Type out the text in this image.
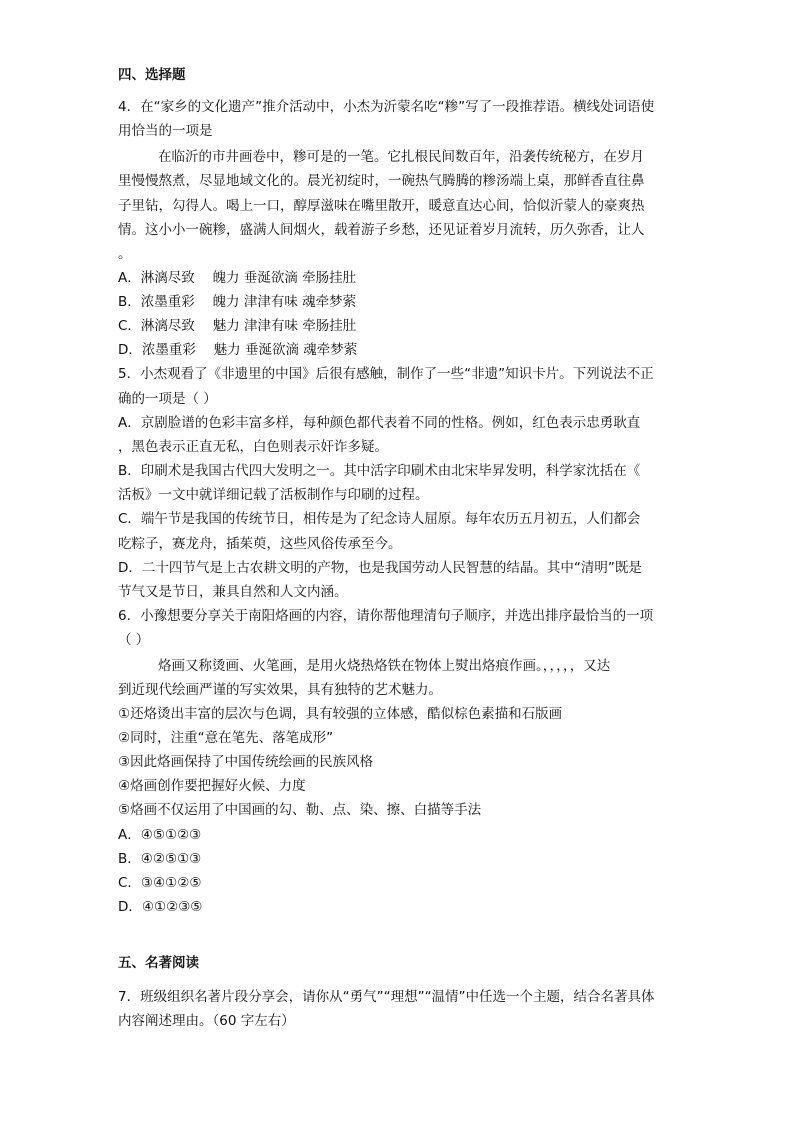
四、选择题
4．在“家乡的文化遗产”推介活动中，小杰为沂蒙名吃“糁”写了一段推荐语。横线处词语使
用恰当的一项是
在临沂的市井画卷中，糁可是的一笔。它扎根民间数百年，沿袭传统秘方，在岁月
里慢慢熬煮，尽显地域文化的。晨光初绽时，一碗热气腾腾的糁汤端上桌，那鲜香直往鼻
子里钻，勾得人。喝上一口，醇厚滋味在嘴里散开，暖意直达心间，恰似沂蒙人的豪爽热
情。这小小一碗糁，盛满人间烟火，载着游子乡愁，还见证着岁月流转，历久弥香，让人
。
A．淋漓尽致　 魄力 垂涎欲滴 牵肠挂肚
B．浓墨重彩　 魄力 津津有味 魂牵梦萦
C．淋漓尽致　 魅力 津津有味 牵肠挂肚
D．浓墨重彩　 魅力 垂涎欲滴 魂牵梦萦
5．小杰观看了《非遗里的中国》后很有感触，制作了一些“非遗”知识卡片。下列说法不正
确的一项是（ ）
A．京剧脸谱的色彩丰富多样，每种颜色都代表着不同的性格。例如，红色表示忠勇耿直
，黑色表示正直无私，白色则表示奸诈多疑。
B．印刷术是我国古代四大发明之一。其中活字印刷术由北宋毕昇发明，科学家沈括在《
活板》一文中就详细记载了活板制作与印刷的过程。
C．端午节是我国的传统节日，相传是为了纪念诗人屈原。每年农历五月初五，人们都会
吃粽子，赛龙舟，插茱萸，这些风俗传承至今。
D．二十四节气是上古农耕文明的产物，也是我国劳动人民智慧的结晶。其中“清明”既是
节气又是节日，兼具自然和人文内涵。
6．小豫想要分享关于南阳烙画的内容，请你帮他理清句子顺序，并选出排序最恰当的一项
（ ）
烙画又称烫画、火笔画，是用火烧热烙铁在物体上熨出烙痕作画。，，，，，又达
到近现代绘画严谨的写实效果，具有独特的艺术魅力。
①还烙烫出丰富的层次与色调，具有较强的立体感，酷似棕色素描和石版画
②同时，注重“意在笔先、落笔成形”
③因此烙画保持了中国传统绘画的民族风格
④烙画创作要把握好火候、力度
⑤烙画不仅运用了中国画的勾、勒、点、染、擦、白描等手法
A．④⑤①②③
B．④②⑤①③
C．③④①②⑤
D．④①②③⑤
五、名著阅读
7．班级组织名著片段分享会，请你从“勇气”“理想”“温情”中任选一个主题，结合名著具体
内容阐述理由。（60 字左右）
